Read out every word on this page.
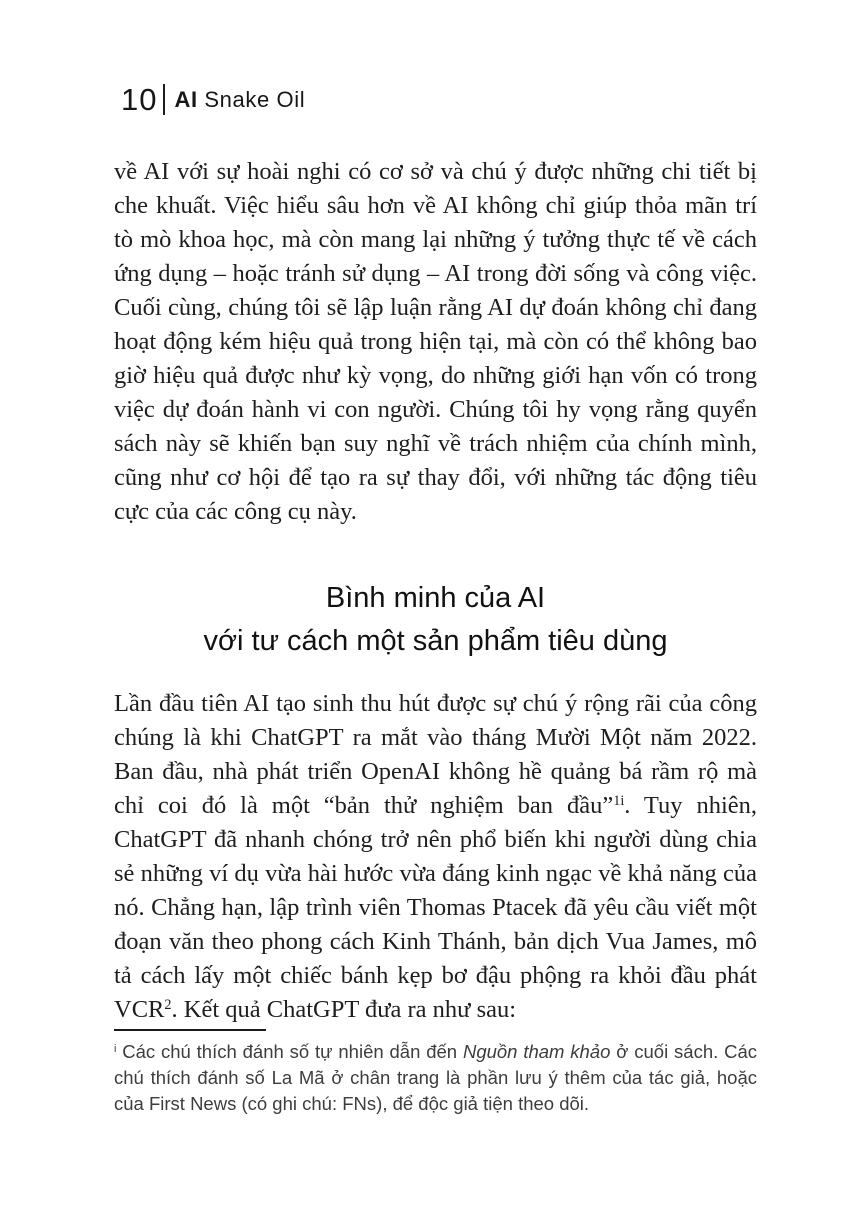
10 AI Snake Oil

về AI với sự hoài nghi có cơ sở và chú ý được những chi tiết bị che khuất. Việc hiểu sâu hơn về AI không chỉ giúp thỏa mãn trí tò mò khoa học, mà còn mang lại những ý tưởng thực tế về cách ứng dụng – hoặc tránh sử dụng – AI trong đời sống và công việc. Cuối cùng, chúng tôi sẽ lập luận rằng AI dự đoán không chỉ đang hoạt động kém hiệu quả trong hiện tại, mà còn có thể không bao giờ hiệu quả được như kỳ vọng, do những giới hạn vốn có trong việc dự đoán hành vi con người. Chúng tôi hy vọng rằng quyển sách này sẽ khiến bạn suy nghĩ về trách nhiệm của chính mình, cũng như cơ hội để tạo ra sự thay đổi, với những tác động tiêu cực của các công cụ này.

Bình minh của AI
với tư cách một sản phẩm tiêu dùng

Lần đầu tiên AI tạo sinh thu hút được sự chú ý rộng rãi của công chúng là khi ChatGPT ra mắt vào tháng Mười Một năm 2022. Ban đầu, nhà phát triển OpenAI không hề quảng bá rầm rộ mà chỉ coi đó là một “bản thử nghiệm ban đầu”$^{1i}$. Tuy nhiên, ChatGPT đã nhanh chóng trở nên phổ biến khi người dùng chia sẻ những ví dụ vừa hài hước vừa đáng kinh ngạc về khả năng của nó. Chẳng hạn, lập trình viên Thomas Ptacek đã yêu cầu viết một đoạn văn theo phong cách Kinh Thánh, bản dịch Vua James, mô tả cách lấy một chiếc bánh kẹp bơ đậu phộng ra khỏi đầu phát VCR$^2$. Kết quả ChatGPT đưa ra như sau:

$^i$ Các chú thích đánh số tự nhiên dẫn đến Nguồn tham khảo ở cuối sách. Các chú thích đánh số La Mã ở chân trang là phần lưu ý thêm của tác giả, hoặc của First News (có ghi chú: FNs), để độc giả tiện theo dõi.
